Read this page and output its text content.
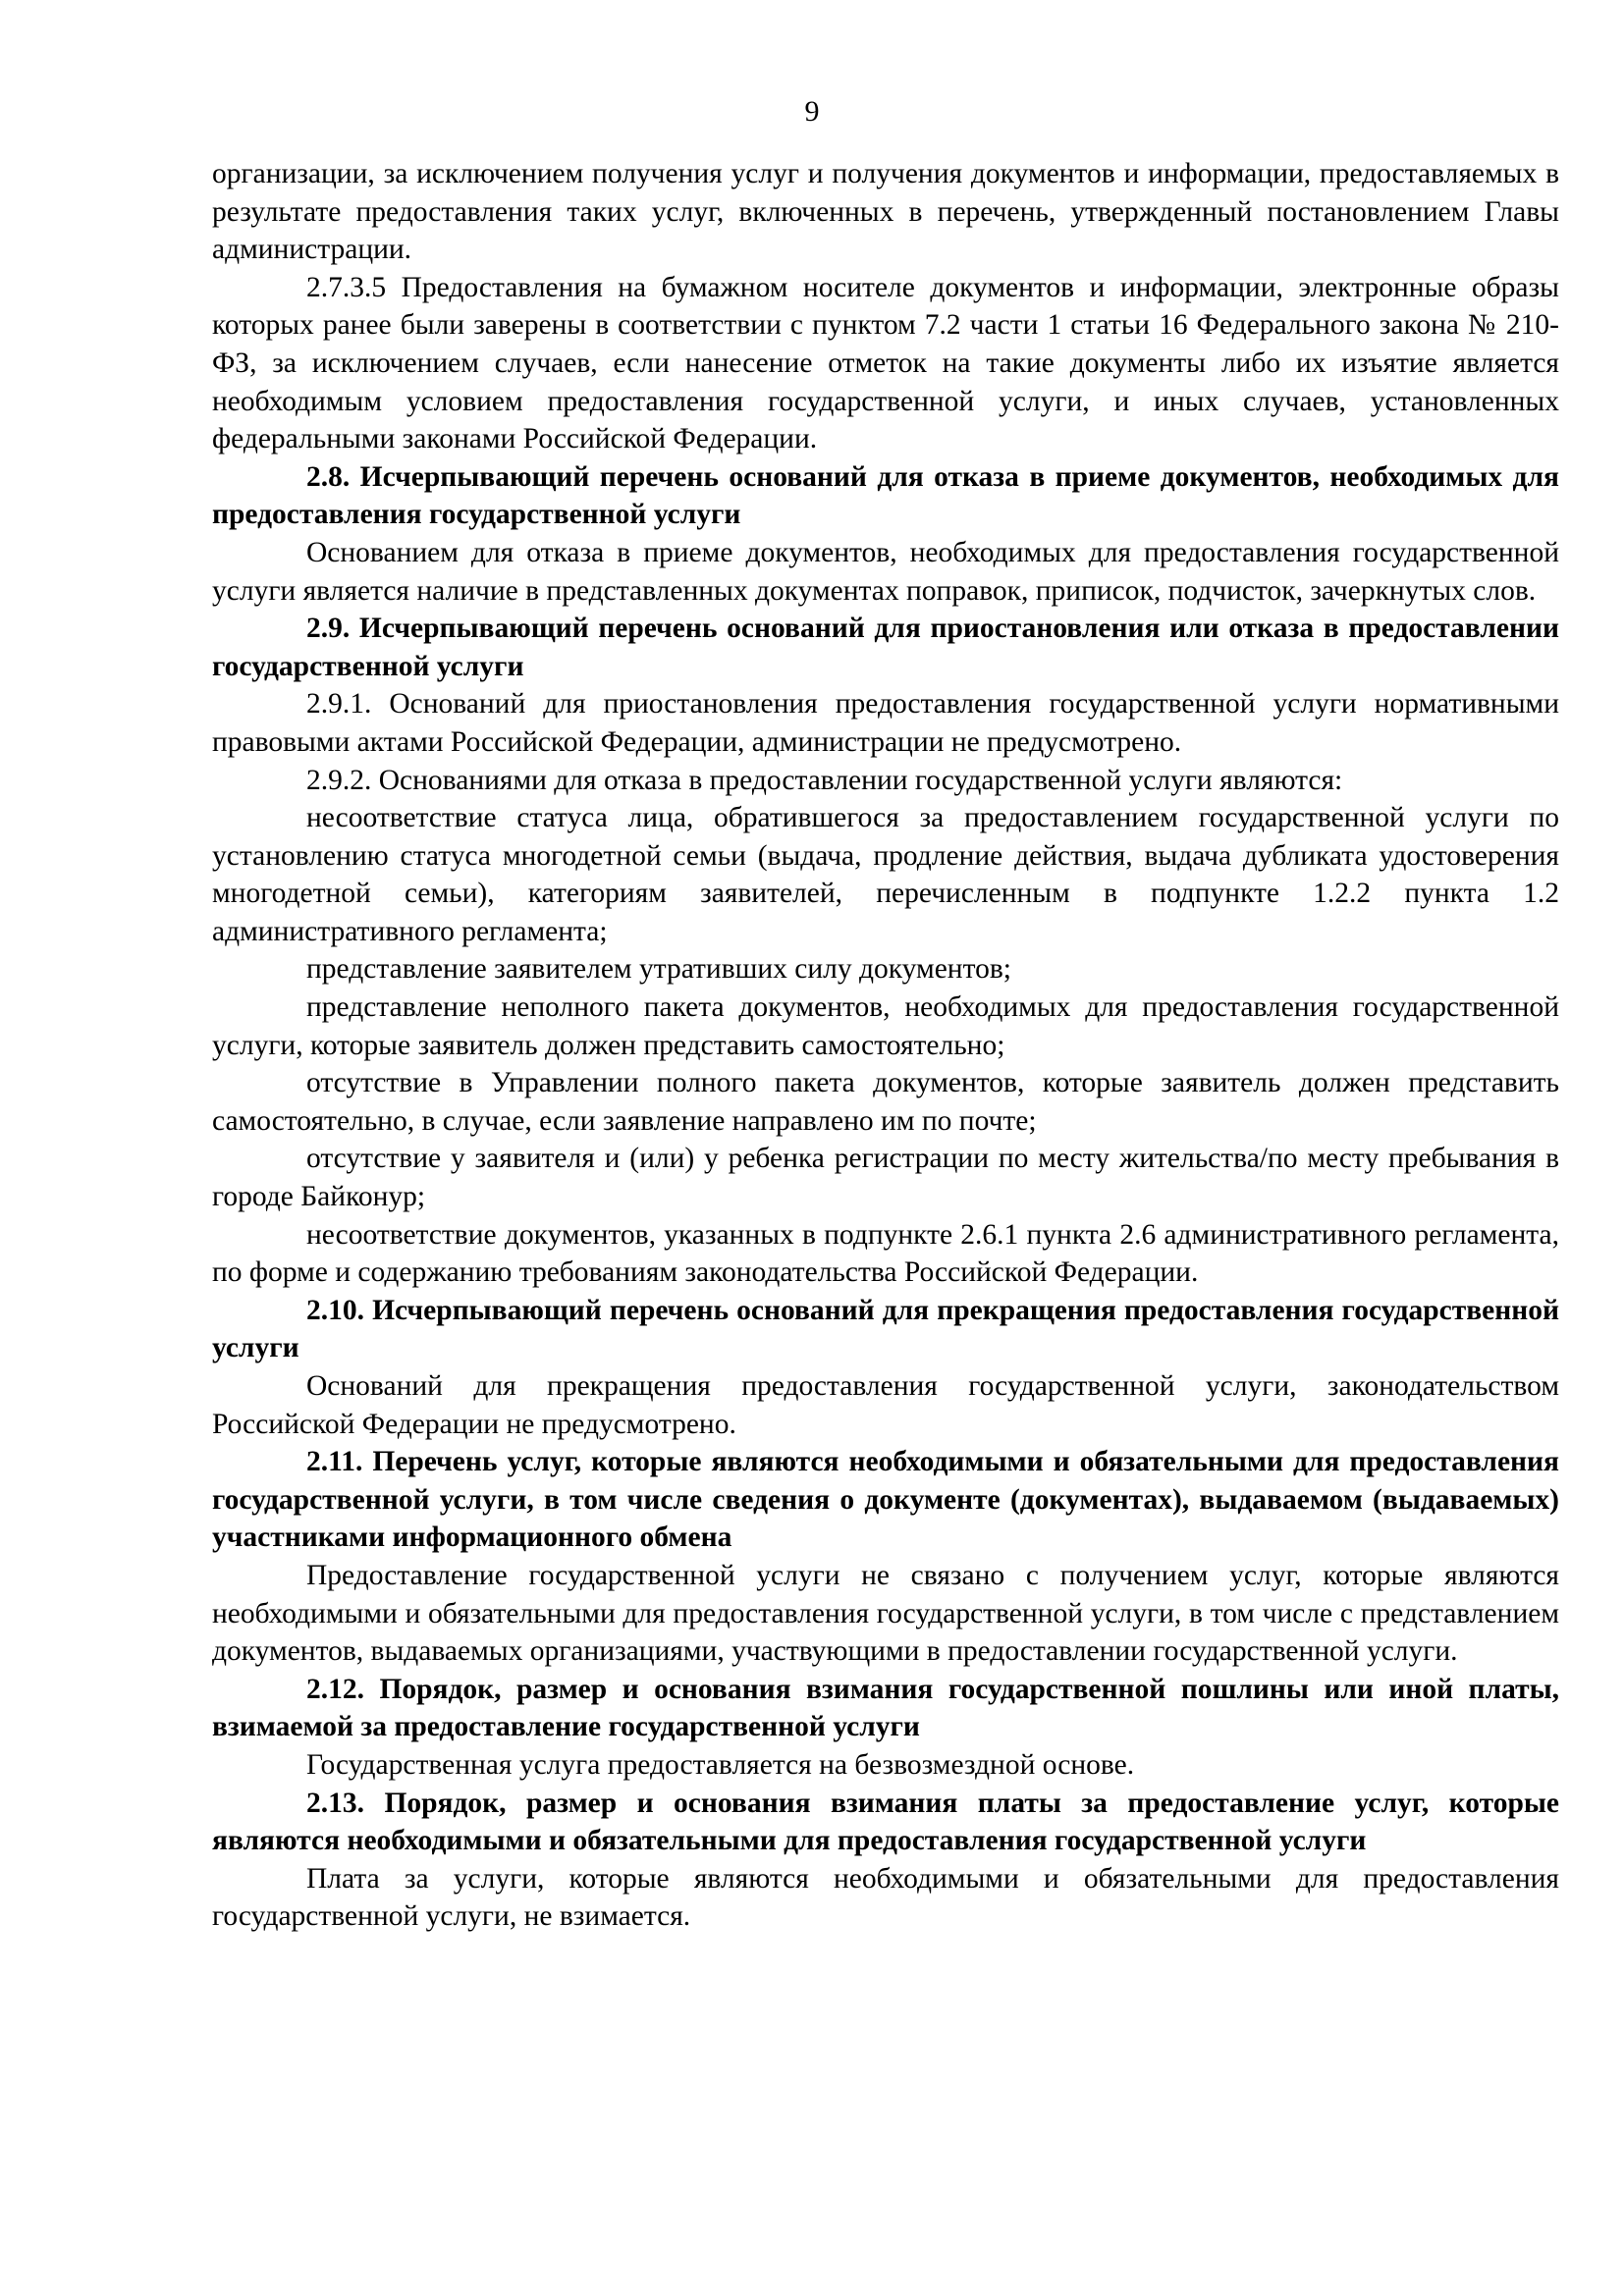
9

организации, за исключением получения услуг и получения документов и информации, предоставляемых в результате предоставления таких услуг, включенных в перечень, утвержденный постановлением Главы администрации.

2.7.3.5 Предоставления на бумажном носителе документов и информации, электронные образы которых ранее были заверены в соответствии с пунктом 7.2 части 1 статьи 16 Федерального закона № 210-ФЗ, за исключением случаев, если нанесение отметок на такие документы либо их изъятие является необходимым условием предоставления государственной услуги, и иных случаев, установленных федеральными законами Российской Федерации.

2.8. Исчерпывающий перечень оснований для отказа в приеме документов, необходимых для предоставления государственной услуги

Основанием для отказа в приеме документов, необходимых для предоставления государственной услуги является наличие в представленных документах поправок, приписок, подчисток, зачеркнутых слов.

2.9. Исчерпывающий перечень оснований для приостановления или отказа в предоставлении государственной услуги

2.9.1. Оснований для приостановления предоставления государственной услуги нормативными правовыми актами Российской Федерации, администрации не предусмотрено.

2.9.2. Основаниями для отказа в предоставлении государственной услуги являются:

несоответствие статуса лица, обратившегося за предоставлением государственной услуги по установлению статуса многодетной семьи (выдача, продление действия, выдача дубликата удостоверения многодетной семьи), категориям заявителей, перечисленным в подпункте 1.2.2 пункта 1.2 административного регламента;

представление заявителем утративших силу документов;

представление неполного пакета документов, необходимых для предоставления государственной услуги, которые заявитель должен представить самостоятельно;

отсутствие в Управлении полного пакета документов, которые заявитель должен представить самостоятельно, в случае, если заявление направлено им по почте;

отсутствие у заявителя и (или) у ребенка регистрации по месту жительства/по месту пребывания в городе Байконур;

несоответствие документов, указанных в подпункте 2.6.1 пункта 2.6 административного регламента, по форме и содержанию требованиям законодательства Российской Федерации.

2.10. Исчерпывающий перечень оснований для прекращения предоставления государственной услуги

Оснований для прекращения предоставления государственной услуги, законодательством Российской Федерации не предусмотрено.

2.11. Перечень услуг, которые являются необходимыми и обязательными для предоставления государственной услуги, в том числе сведения о документе (документах), выдаваемом (выдаваемых) участниками информационного обмена

Предоставление государственной услуги не связано с получением услуг, которые являются необходимыми и обязательными для предоставления государственной услуги, в том числе с представлением документов, выдаваемых организациями, участвующими в предоставлении государственной услуги.

2.12. Порядок, размер и основания взимания государственной пошлины или иной платы, взимаемой за предоставление государственной услуги

Государственная услуга предоставляется на безвозмездной основе.

2.13. Порядок, размер и основания взимания платы за предоставление услуг, которые являются необходимыми и обязательными для предоставления государственной услуги

Плата за услуги, которые являются необходимыми и обязательными для предоставления государственной услуги, не взимается.
